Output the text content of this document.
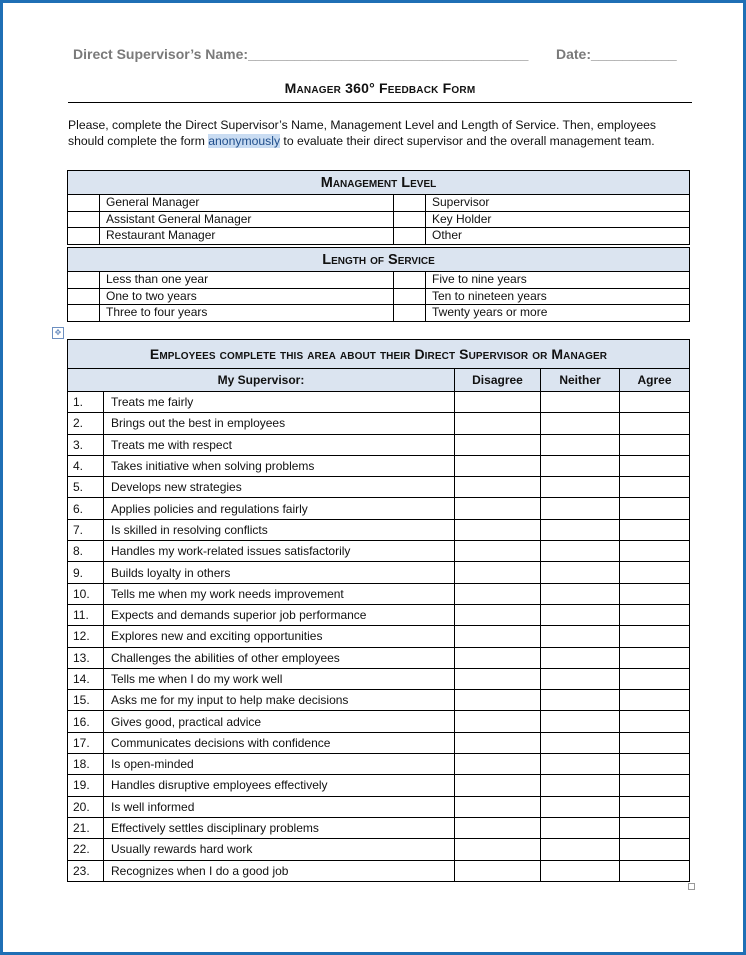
Direct Supervisor’s Name:____________________________________ Date:___________
Manager 360° Feedback Form
Please, complete the Direct Supervisor’s Name, Management Level and Length of Service. Then, employees should complete the form anonymously to evaluate their direct supervisor and the overall management team.
Management Level			
	General Manager		Supervisor
	Assistant General Manager		Key Holder
	Restaurant Manager		Other
Length of Service			
	Less than one year		Five to nine years
	One to two years		Ten to nineteen years
	Three to four years		Twenty years or more
✥
Employees complete this area about their Direct Supervisor or Manager				
My Supervisor:		Disagree	Neither	Agree
1.	Treats me fairly			
2.	Brings out the best in employees			
3.	Treats me with respect			
4.	Takes initiative when solving problems			
5.	Develops new strategies			
6.	Applies policies and regulations fairly			
7.	Is skilled in resolving conflicts			
8.	Handles my work-related issues satisfactorily			
9.	Builds loyalty in others			
10.	Tells me when my work needs improvement			
11.	Expects and demands superior job performance			
12.	Explores new and exciting opportunities			
13.	Challenges the abilities of other employees			
14.	Tells me when I do my work well			
15.	Asks me for my input to help make decisions			
16.	Gives good, practical advice			
17.	Communicates decisions with confidence			
18.	Is open-minded			
19.	Handles disruptive employees effectively			
20.	Is well informed			
21.	Effectively settles disciplinary problems			
22.	Usually rewards hard work			
23.	Recognizes when I do a good job			
